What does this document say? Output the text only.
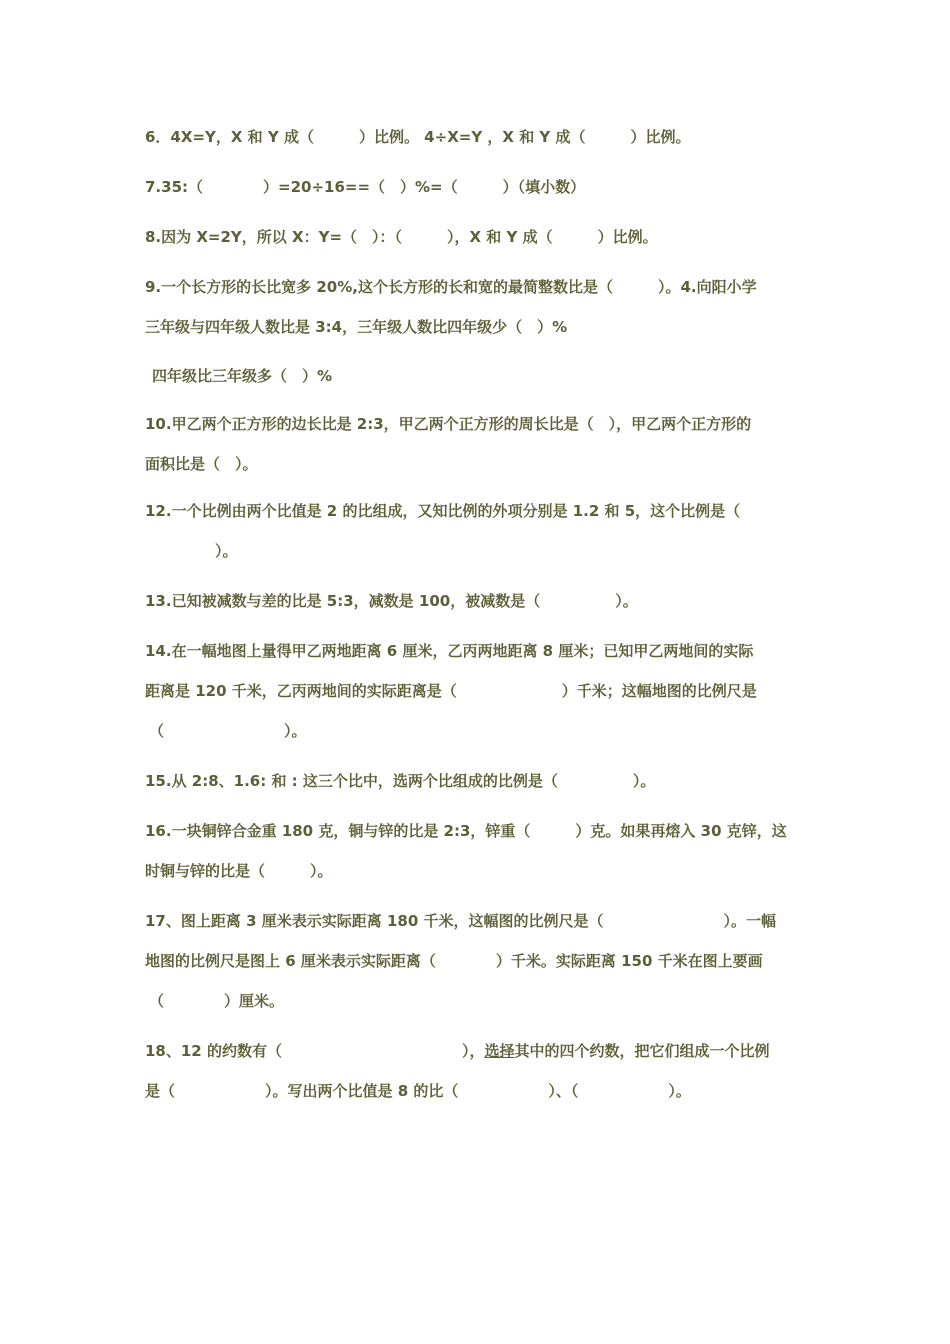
6．4X=Y，X 和 Y 成（　　　）比例。 4÷X=Y ，X 和 Y 成（　　　）比例。
7.35:（　　　　）=20÷16==（　）%=（　　　）（填小数）
8.因为 X=2Y，所以 X：Y=（　）：（　　　），X 和 Y 成（　　　）比例。
9.一个长方形的长比宽多 20%,这个长方形的长和宽的最简整数比是（　　　）。4.向阳小学
三年级与四年级人数比是 3:4，三年级人数比四年级少（　）%
四年级比三年级多（　）%
10.甲乙两个正方形的边长比是 2:3，甲乙两个正方形的周长比是（　），甲乙两个正方形的
面积比是（　）。
12.一个比例由两个比值是 2 的比组成，又知比例的外项分别是 1.2 和 5，这个比例是（
）。
13.已知被减数与差的比是 5:3，减数是 100，被减数是（　　　　　）。
14.在一幅地图上量得甲乙两地距离 6 厘米，乙丙两地距离 8 厘米；已知甲乙两地间的实际
距离是 120 千米，乙丙两地间的实际距离是（　　　　　　　）千米；这幅地图的比例尺是
（　　　　　　　　）。
15.从 2:8、1.6: 和 : 这三个比中，选两个比组成的比例是（　　　　　）。
16.一块铜锌合金重 180 克，铜与锌的比是 2:3，锌重（　　　）克。如果再熔入 30 克锌，这
时铜与锌的比是（　　　）。
17、图上距离 3 厘米表示实际距离 180 千米，这幅图的比例尺是（　　　　　　　　）。一幅
地图的比例尺是图上 6 厘米表示实际距离（　　　　）千米。实际距离 150 千米在图上要画
（　　　　）厘米。
18、12 的约数有（　　　　　　　　　　　　），选择其中的四个约数，把它们组成一个比例
是（　　　　　　）。写出两个比值是 8 的比（　　　　　　）、（　　　　　　）。
